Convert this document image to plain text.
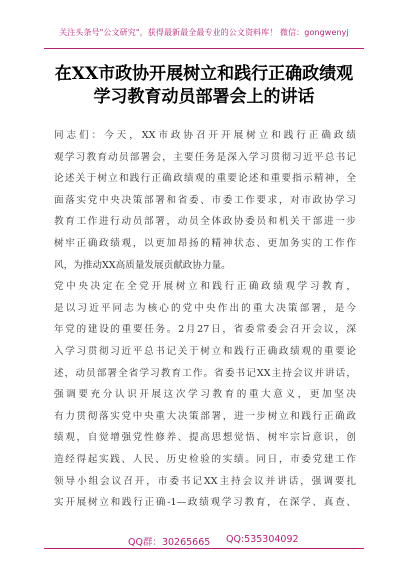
关注头条号"公文研究"，获得最新最全最专业的公文资料库！ 微信：gongwenyj
在XX市政协开展树立和践行正确政绩观
学习教育动员部署会上的讲话

同志们：今天，XX市政协召开开展树立和践行正确政绩
观学习教育动员部署会，主要任务是深入学习贯彻习近平总书记
论述关于树立和践行正确政绩观的重要论述和重要指示精神，全
面落实党中央决策部署和省委、市委工作要求，对市政协学习
教育工作进行动员部署，动员全体政协委员和机关干部进一步
树牢正确政绩观，以更加昂扬的精神状态、更加务实的工作作
风，为推动XX高质量发展贡献政协力量。

党中央决定在全党开展树立和践行正确政绩观学习教育，
是以习近平同志为核心的党中央作出的重大决策部署，是今
年党的建设的重要任务。2月27日，省委常委会召开会议，深
入学习贯彻习近平总书记关于树立和践行正确政绩观的重要论
述，动员部署全省学习教育工作。省委书记XX主持会议并讲话，
强调要充分认识开展这次学习教育的重大意义，更加坚决
有力贯彻落实党中央重大决策部署，进一步树立和践行正确政
绩观，自觉增强党性修养、提高思想觉悟、树牢宗旨意识，创
造经得起实践、人民、历史检验的实绩。同日，市委党建工作
领导小组会议召开，市委书记XX主持会议并讲话，强调要扎
实开展树立和践行正确-1—政绩观学习教育，在深学、真查、

QQ群：30265665 QQ:535304092
